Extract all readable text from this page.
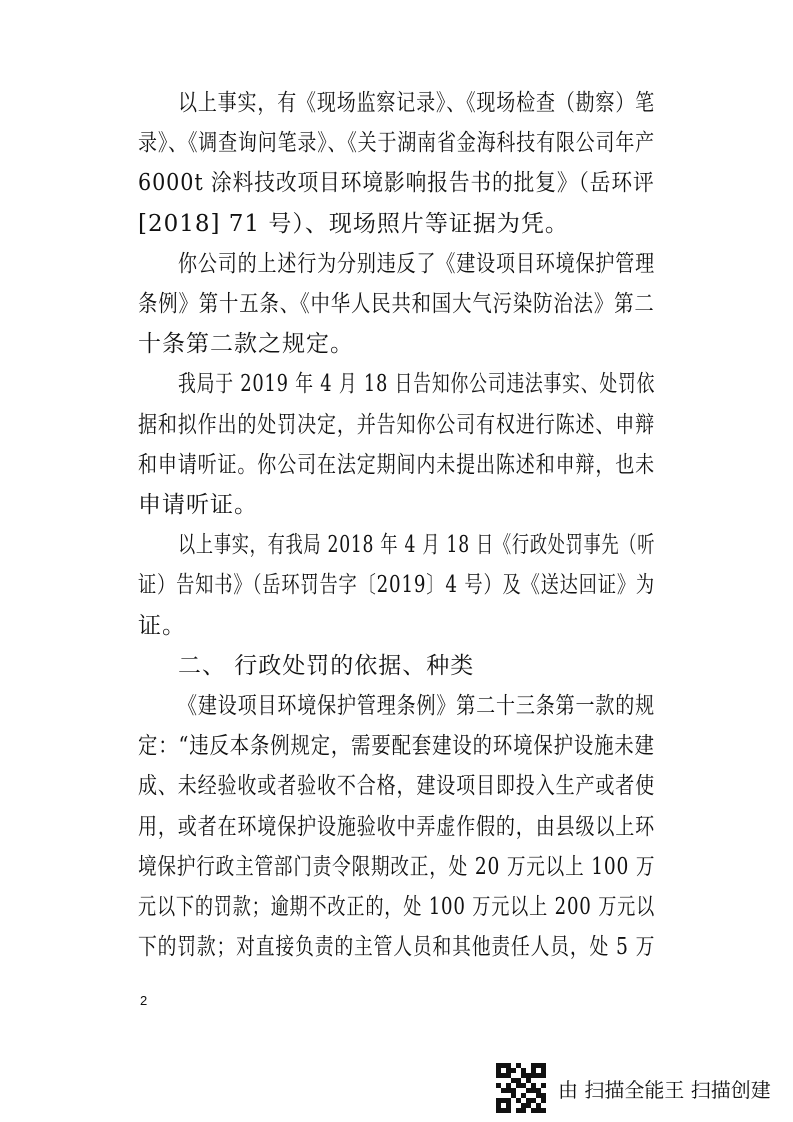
以上事实，有《现场监察记录》、《现场检查（勘察）笔
录》、《调查询问笔录》、《关于湖南省金海科技有限公司年产
6000t 涂料技改项目环境影响报告书的批复》（岳环评
[2018] 71 号）、现场照片等证据为凭。
你公司的上述行为分别违反了《建设项目环境保护管理
条例》第十五条、《中华人民共和国大气污染防治法》第二
十条第二款之规定。
我局于 2019 年 4 月 18 日告知你公司违法事实、处罚依
据和拟作出的处罚决定，并告知你公司有权进行陈述、申辩
和申请听证。你公司在法定期间内未提出陈述和申辩，也未
申请听证。
以上事实，有我局 2018 年 4 月 18 日《行政处罚事先（听
证）告知书》（岳环罚告字〔2019〕4 号）及《送达回证》为
证。
二、 行政处罚的依据、种类
《建设项目环境保护管理条例》第二十三条第一款的规
定：“违反本条例规定，需要配套建设的环境保护设施未建
成、未经验收或者验收不合格，建设项目即投入生产或者使
用，或者在环境保护设施验收中弄虚作假的，由县级以上环
境保护行政主管部门责令限期改正，处 20 万元以上 100 万
元以下的罚款；逾期不改正的，处 100 万元以上 200 万元以
下的罚款；对直接负责的主管人员和其他责任人员，处 5 万
2
由 扫描全能王 扫描创建
